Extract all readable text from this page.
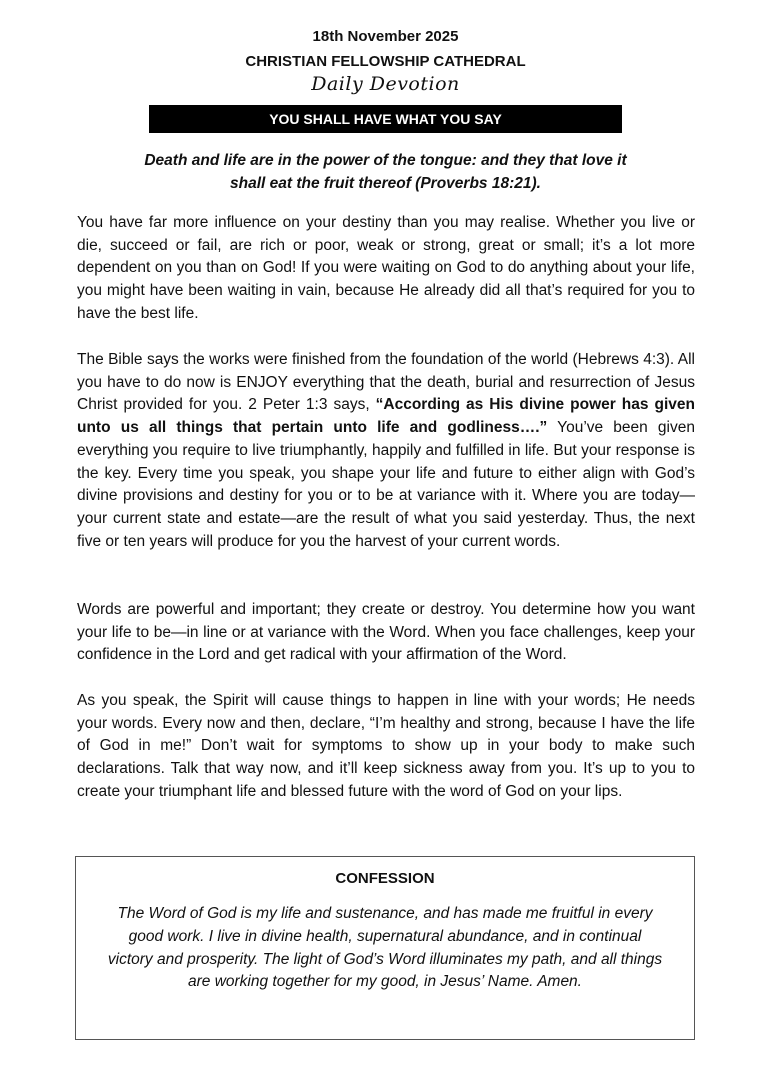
18th November 2025
CHRISTIAN FELLOWSHIP CATHEDRAL
Daily Devotion
YOU SHALL HAVE WHAT YOU SAY
Death and life are in the power of the tongue: and they that love it
shall eat the fruit thereof (Proverbs 18:21).

You have far more influence on your destiny than you may realise. Whether you live or die, succeed or fail, are rich or poor, weak or strong, great or small; it’s a lot more dependent on you than on God! If you were waiting on God to do anything about your life, you might have been waiting in vain, because He already did all that’s required for you to have the best life.

The Bible says the works were finished from the foundation of the world (Hebrews 4:3). All you have to do now is ENJOY everything that the death, burial and resurrection of Jesus Christ provided for you. 2 Peter 1:3 says, “According as His divine power has given unto us all things that pertain unto life and godliness….” You’ve been given everything you require to live triumphantly, happily and fulfilled in life. But your response is the key. Every time you speak, you shape your life and future to either align with God’s divine provisions and destiny for you or to be at variance with it. Where you are today—your current state and estate—are the result of what you said yesterday. Thus, the next five or ten years will produce for you the harvest of your current words.

Words are powerful and important; they create or destroy. You determine how you want your life to be—in line or at variance with the Word. When you face challenges, keep your confidence in the Lord and get radical with your affirmation of the Word.

As you speak, the Spirit will cause things to happen in line with your words; He needs your words. Every now and then, declare, “I’m healthy and strong, because I have the life of God in me!” Don’t wait for symptoms to show up in your body to make such declarations. Talk that way now, and it’ll keep sickness away from you. It’s up to you to create your triumphant life and blessed future with the word of God on your lips.

CONFESSION
The Word of God is my life and sustenance, and has made me fruitful in every good work. I live in divine health, supernatural abundance, and in continual victory and prosperity. The light of God’s Word illuminates my path, and all things are working together for my good, in Jesus’ Name. Amen.
